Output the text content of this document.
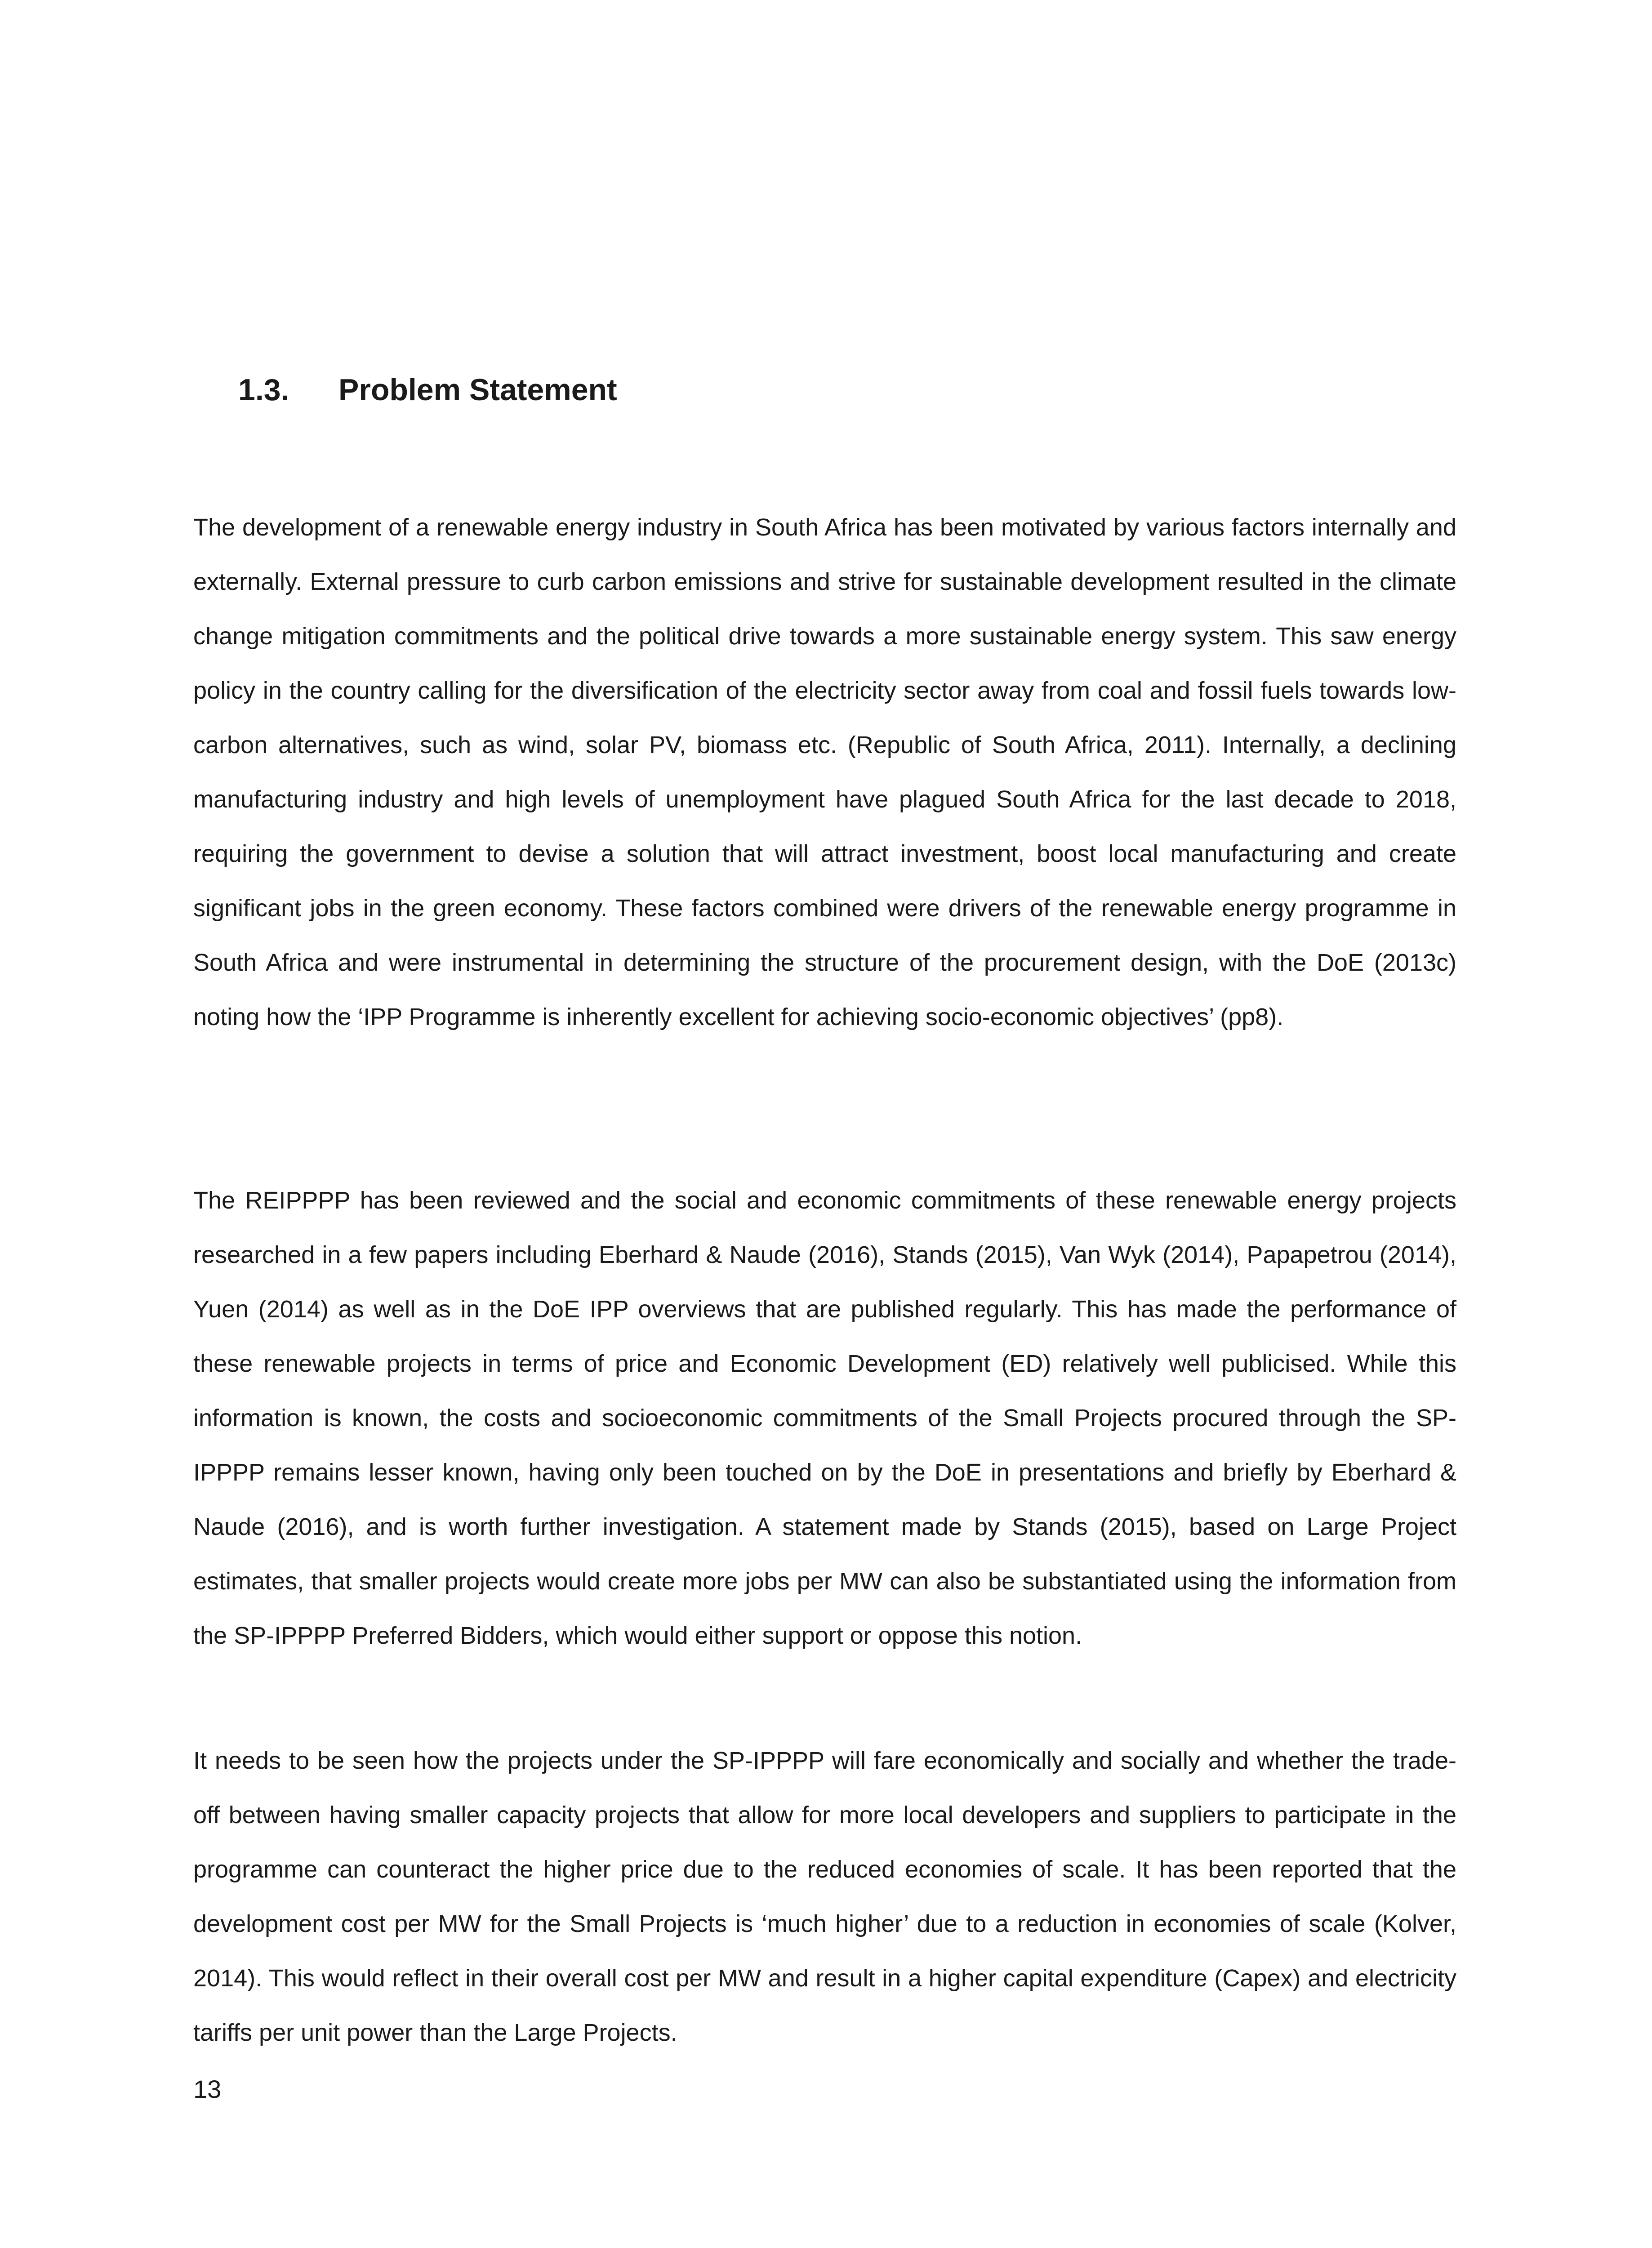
1.3. Problem Statement

The development of a renewable energy industry in South Africa has been motivated by various factors internally and externally. External pressure to curb carbon emissions and strive for sustainable development resulted in the climate change mitigation commitments and the political drive towards a more sustainable energy system. This saw energy policy in the country calling for the diversification of the electricity sector away from coal and fossil fuels towards low-carbon alternatives, such as wind, solar PV, biomass etc. (Republic of South Africa, 2011). Internally, a declining manufacturing industry and high levels of unemployment have plagued South Africa for the last decade to 2018, requiring the government to devise a solution that will attract investment, boost local manufacturing and create significant jobs in the green economy. These factors combined were drivers of the renewable energy programme in South Africa and were instrumental in determining the structure of the procurement design, with the DoE (2013c) noting how the ‘IPP Programme is inherently excellent for achieving socio-economic objectives’ (pp8).

The REIPPPP has been reviewed and the social and economic commitments of these renewable energy projects researched in a few papers including Eberhard & Naude (2016), Stands (2015), Van Wyk (2014), Papapetrou (2014), Yuen (2014) as well as in the DoE IPP overviews that are published regularly. This has made the performance of these renewable projects in terms of price and Economic Development (ED) relatively well publicised. While this information is known, the costs and socioeconomic commitments of the Small Projects procured through the SP-IPPPP remains lesser known, having only been touched on by the DoE in presentations and briefly by Eberhard & Naude (2016), and is worth further investigation. A statement made by Stands (2015), based on Large Project estimates, that smaller projects would create more jobs per MW can also be substantiated using the information from the SP-IPPPP Preferred Bidders, which would either support or oppose this notion.

It needs to be seen how the projects under the SP-IPPPP will fare economically and socially and whether the trade-off between having smaller capacity projects that allow for more local developers and suppliers to participate in the programme can counteract the higher price due to the reduced economies of scale. It has been reported that the development cost per MW for the Small Projects is ‘much higher’ due to a reduction in economies of scale (Kolver, 2014). This would reflect in their overall cost per MW and result in a higher capital expenditure (Capex) and electricity tariffs per unit power than the Large Projects.

13
